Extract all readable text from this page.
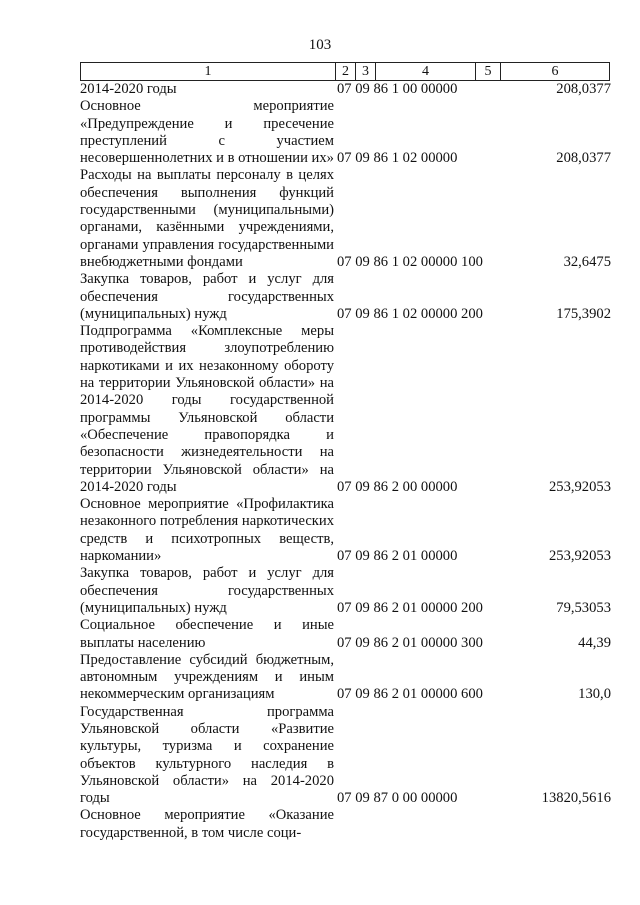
103
1	2 3	4	5	6
2014-2020 годы	07 09 86 1 00 00000	208,0377
Основное мероприятие «Предупреждение и пресечение преступлений с участием несовершеннолетних и в отношении их» 07 09 86 1 02 00000	208,0377
Расходы на выплаты персоналу в целях обеспечения выполнения функций государственными (муниципальными) органами, казёнными учреждениями, органами управления государственными внебюджетными фондами	07 09 86 1 02 00000 100	32,6475
Закупка товаров, работ и услуг для обеспечения государственных (муниципальных) нужд	07 09 86 1 02 00000 200	175,3902
Подпрограмма «Комплексные меры противодействия злоупотреблению наркотиками и их незаконному обороту на территории Ульяновской области» на 2014-2020 годы государственной программы Ульяновской области «Обеспечение правопорядка и безопасности жизнедеятельности на территории Ульяновской области» на 2014-2020 годы	07 09 86 2 00 00000	253,92053
Основное мероприятие «Профилактика незаконного потребления наркотических средств и психотропных веществ, наркомании»	07 09 86 2 01 00000	253,92053
Закупка товаров, работ и услуг для обеспечения государственных (муниципальных) нужд	07 09 86 2 01 00000 200	79,53053
Социальное обеспечение и иные выплаты населению	07 09 86 2 01 00000 300	44,39
Предоставление субсидий бюджетным, автономным учреждениям и иным некоммерческим организациям	07 09 86 2 01 00000 600	130,0
Государственная программа Ульяновской области «Развитие культуры, туризма и сохранение объектов культурного наследия в Ульяновской области» на 2014-2020 годы	07 09 87 0 00 00000	13820,5616
Основное мероприятие «Оказание государственной, в том числе соци-
